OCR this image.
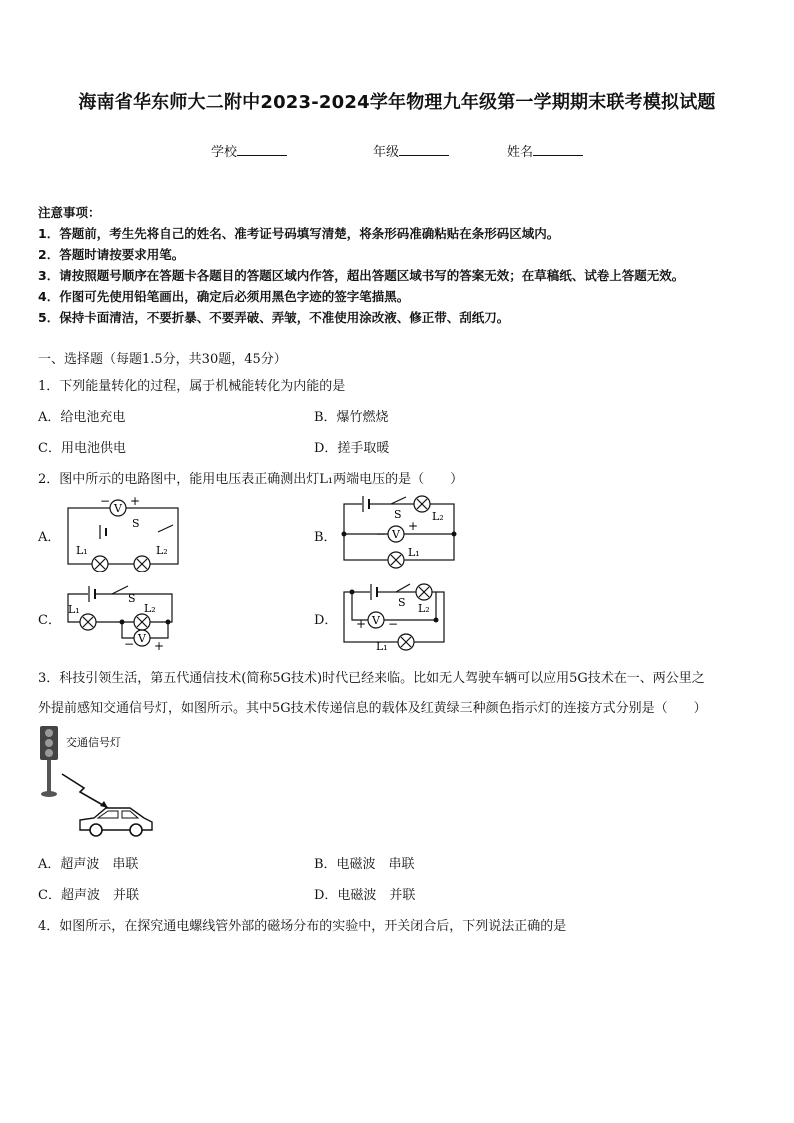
海南省华东师大二附中2023-2024学年物理九年级第一学期期末联考模拟试题
学校	年级	姓名
注意事项：
1．答题前，考生先将自己的姓名、准考证号码填写清楚，将条形码准确粘贴在条形码区域内。
2．答题时请按要求用笔。
3．请按照题号顺序在答题卡各题目的答题区域内作答，超出答题区域书写的答案无效；在草稿纸、试卷上答题无效。
4．作图可先使用铅笔画出，确定后必须用黑色字迹的签字笔描黑。
5．保持卡面清洁，不要折暴、不要弄破、弄皱，不准使用涂改液、修正带、刮纸刀。
一、选择题（每题1.5分，共30题，45分）
1．下列能量转化的过程，属于机械能转化为内能的是
A．给电池充电	B．爆竹燃烧
C．用电池供电	D．搓手取暖
2．图中所示的电路图中，能用电压表正确测出灯L₁两端电压的是（　　）
A．	B．
C．	D．
V
− +
S
L₁	L₂
V
−
+
S	L₂
L₁
V
− +
S
L₁	L₂
V
+ −
S L₂
L₁
3．科技引领生活，第五代通信技术(简称5G技术)时代已经来临。比如无人驾驶车辆可以应用5G技术在一、两公里之
外提前感知交通信号灯，如图所示。其中5G技术传递信息的载体及红黄绿三种颜色指示灯的连接方式分别是（　　）
交通信号灯
A．超声波　串联	B．电磁波　串联
C．超声波　并联	D．电磁波　并联
4．如图所示，在探究通电螺线管外部的磁场分布的实验中，开关闭合后，下列说法正确的是
